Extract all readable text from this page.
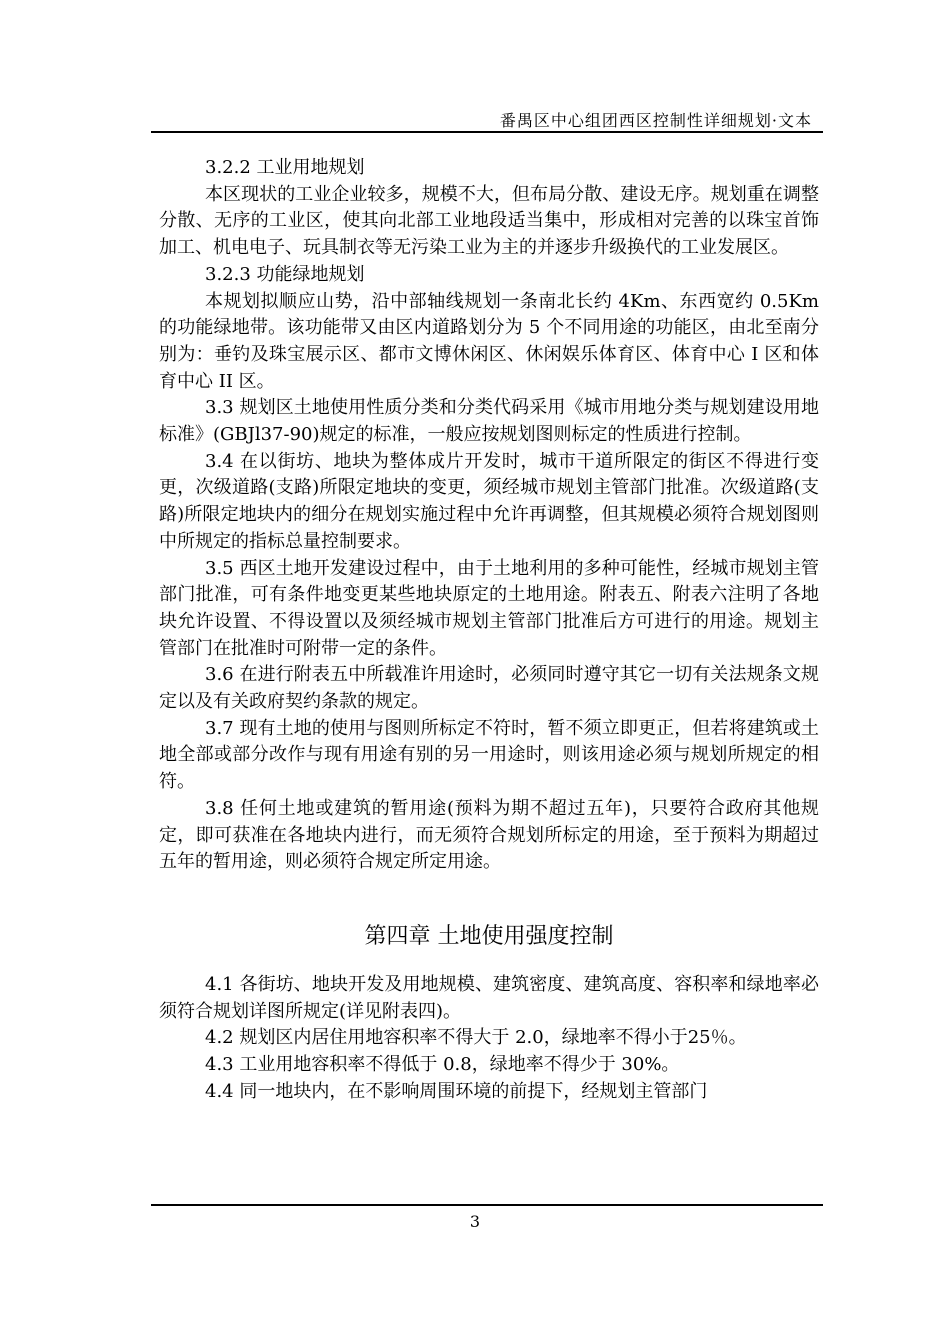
番禺区中心组团西区控制性详细规划·文本

3.2.2 工业用地规划

本区现状的工业企业较多，规模不大，但布局分散、建设无序。规划重在调整分散、无序的工业区，使其向北部工业地段适当集中，形成相对完善的以珠宝首饰加工、机电电子、玩具制衣等无污染工业为主的并逐步升级换代的工业发展区。

3.2.3 功能绿地规划

本规划拟顺应山势，沿中部轴线规划一条南北长约 4Km、东西宽约 0.5Km 的功能绿地带。该功能带又由区内道路划分为 5 个不同用途的功能区，由北至南分别为：垂钓及珠宝展示区、都市文博休闲区、休闲娱乐体育区、体育中心 I 区和体育中心 II 区。

3.3 规划区土地使用性质分类和分类代码采用《城市用地分类与规划建设用地标准》(GBJl37-90)规定的标准，一般应按规划图则标定的性质进行控制。

3.4 在以街坊、地块为整体成片开发时，城市干道所限定的街区不得进行变更，次级道路(支路)所限定地块的变更，须经城市规划主管部门批准。次级道路(支路)所限定地块内的细分在规划实施过程中允许再调整，但其规模必须符合规划图则中所规定的指标总量控制要求。

3.5 西区土地开发建设过程中，由于土地利用的多种可能性，经城市规划主管部门批准，可有条件地变更某些地块原定的土地用途。附表五、附表六注明了各地块允许设置、不得设置以及须经城市规划主管部门批准后方可进行的用途。规划主管部门在批准时可附带一定的条件。

3.6 在进行附表五中所载准许用途时，必须同时遵守其它一切有关法规条文规定以及有关政府契约条款的规定。

3.7 现有土地的使用与图则所标定不符时，暂不须立即更正，但若将建筑或土地全部或部分改作与现有用途有别的另一用途时，则该用途必须与规划所规定的相符。

3.8 任何土地或建筑的暂用途(预料为期不超过五年)，只要符合政府其他规定，即可获准在各地块内进行，而无须符合规划所标定的用途，至于预料为期超过五年的暂用途，则必须符合规定所定用途。

第四章 土地使用强度控制

4.1 各街坊、地块开发及用地规模、建筑密度、建筑高度、容积率和绿地率必须符合规划详图所规定(详见附表四)。

4.2 规划区内居住用地容积率不得大于 2.0，绿地率不得小于25％。

4.3 工业用地容积率不得低于 0.8，绿地率不得少于 30%。

4.4 同一地块内，在不影响周围环境的前提下，经规划主管部门

3
